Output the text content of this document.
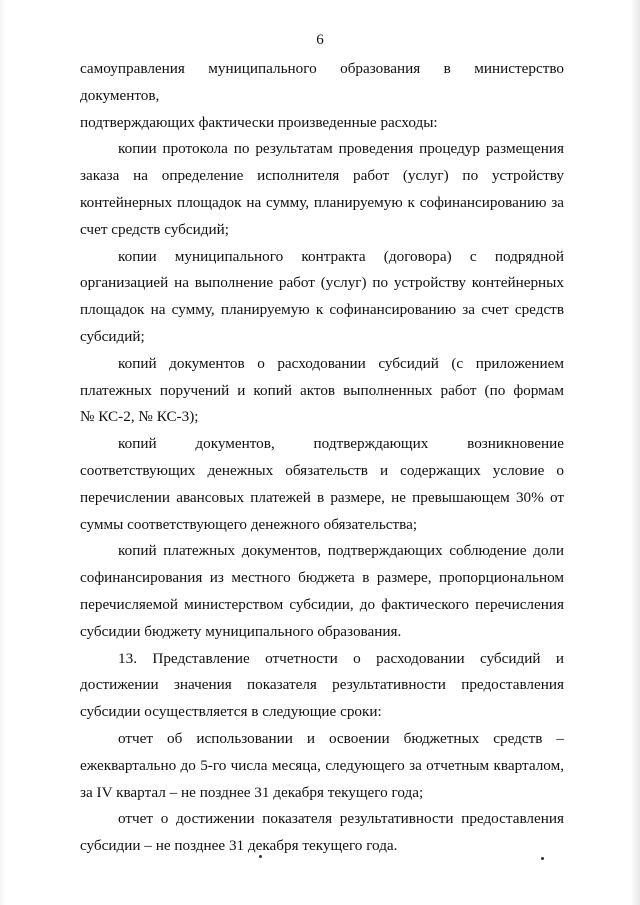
6
самоуправления муниципального образования в министерство документов,
подтверждающих фактически произведенные расходы:
копии протокола по результатам проведения процедур размещения
заказа на определение исполнителя работ (услуг) по устройству
контейнерных площадок на сумму, планируемую к софинансированию за
счет средств субсидий;
копии муниципального контракта (договора) с подрядной
организацией на выполнение работ (услуг) по устройству контейнерных
площадок на сумму, планируемую к софинансированию за счет средств
субсидий;
копий документов о расходовании субсидий (с приложением
платежных поручений и копий актов выполненных работ (по формам
№ КС-2, № КС-3);
копий документов, подтверждающих возникновение
соответствующих денежных обязательств и содержащих условие о
перечислении авансовых платежей в размере, не превышающем 30% от
суммы соответствующего денежного обязательства;
копий платежных документов, подтверждающих соблюдение доли
софинансирования из местного бюджета в размере, пропорциональном
перечисляемой министерством субсидии, до фактического перечисления
субсидии бюджету муниципального образования.
13. Представление отчетности о расходовании субсидий и
достижении значения показателя результативности предоставления
субсидии осуществляется в следующие сроки:
отчет об использовании и освоении бюджетных средств –
ежеквартально до 5-го числа месяца, следующего за отчетным кварталом,
за IV квартал – не позднее 31 декабря текущего года;
отчет о достижении показателя результативности предоставления
субсидии – не позднее 31 декабря текущего года.
